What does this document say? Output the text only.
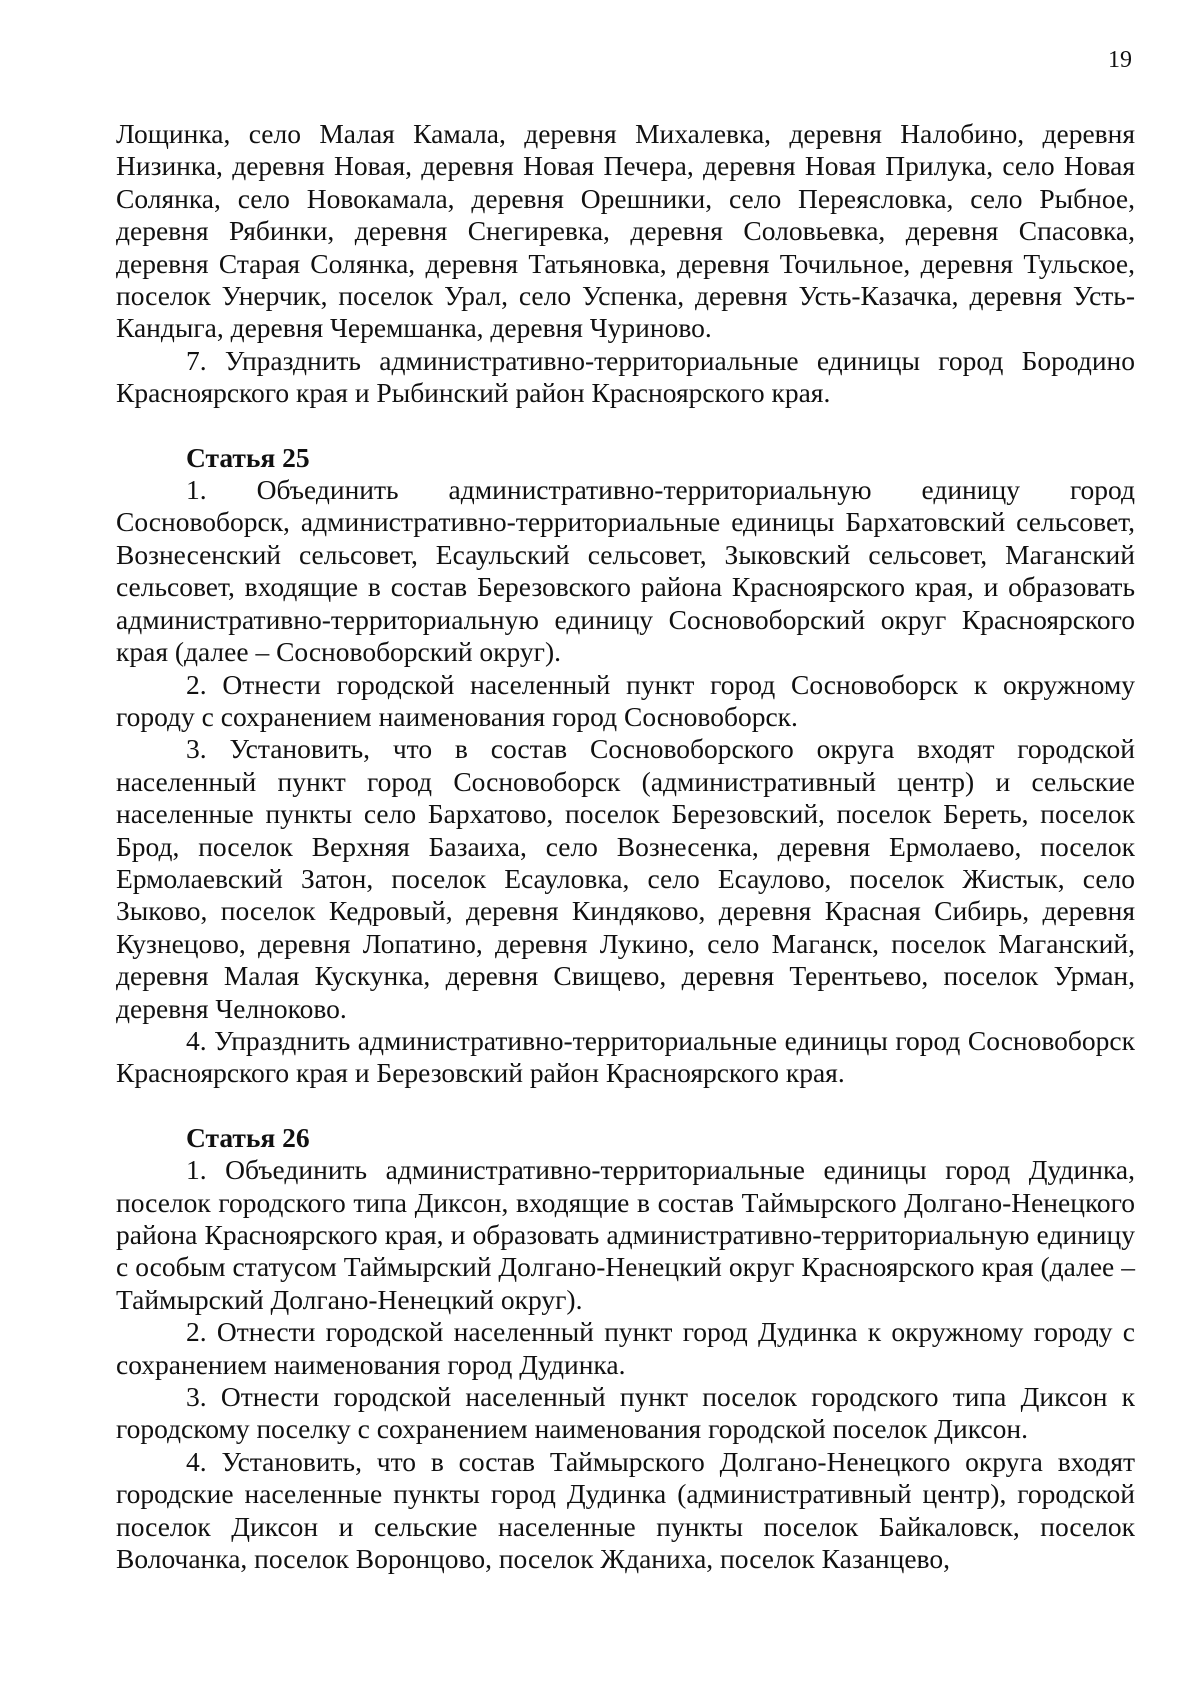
19

Лощинка, село Малая Камала, деревня Михалевка, деревня Налобино, деревня Низинка, деревня Новая, деревня Новая Печера, деревня Новая Прилука, село Новая Солянка, село Новокамала, деревня Орешники, село Переясловка, село Рыбное, деревня Рябинки, деревня Снегиревка, деревня Соловьевка, деревня Спасовка, деревня Старая Солянка, деревня Татьяновка, деревня Точильное, деревня Тульское, поселок Унерчик, поселок Урал, село Успенка, деревня Усть-Казачка, деревня Усть-Кандыга, деревня Черемшанка, деревня Чуриново.

7. Упразднить административно-территориальные единицы город Бородино Красноярского края и Рыбинский район Красноярского края.

Статья 25

1. Объединить административно-территориальную единицу город Сосновоборск, административно-территориальные единицы Бархатовский сельсовет, Вознесенский сельсовет, Есаульский сельсовет, Зыковский сельсовет, Маганский сельсовет, входящие в состав Березовского района Красноярского края, и образовать административно-территориальную единицу Сосновоборский округ Красноярского края (далее – Сосновоборский округ).

2. Отнести городской населенный пункт город Сосновоборск к окружному городу с сохранением наименования город Сосновоборск.

3. Установить, что в состав Сосновоборского округа входят городской населенный пункт город Сосновоборск (административный центр) и сельские населенные пункты село Бархатово, поселок Березовский, поселок Береть, поселок Брод, поселок Верхняя Базаиха, село Вознесенка, деревня Ермолаево, поселок Ермолаевский Затон, поселок Есауловка, село Есаулово, поселок Жистык, село Зыково, поселок Кедровый, деревня Киндяково, деревня Красная Сибирь, деревня Кузнецово, деревня Лопатино, деревня Лукино, село Маганск, поселок Маганский, деревня Малая Кускунка, деревня Свищево, деревня Терентьево, поселок Урман, деревня Челноково.

4. Упразднить административно-территориальные единицы город Сосновоборск Красноярского края и Березовский район Красноярского края.

Статья 26

1. Объединить административно-территориальные единицы город Дудинка, поселок городского типа Диксон, входящие в состав Таймырского Долгано-Ненецкого района Красноярского края, и образовать административно-территориальную единицу с особым статусом Таймырский Долгано-Ненецкий округ Красноярского края (далее – Таймырский Долгано-Ненецкий округ).

2. Отнести городской населенный пункт город Дудинка к окружному городу с сохранением наименования город Дудинка.

3. Отнести городской населенный пункт поселок городского типа Диксон к городскому поселку с сохранением наименования городской поселок Диксон.

4. Установить, что в состав Таймырского Долгано-Ненецкого округа входят городские населенные пункты город Дудинка (административный центр), городской поселок Диксон и сельские населенные пункты поселок Байкаловск, поселок Волочанка, поселок Воронцово, поселок Жданиха, поселок Казанцево,
